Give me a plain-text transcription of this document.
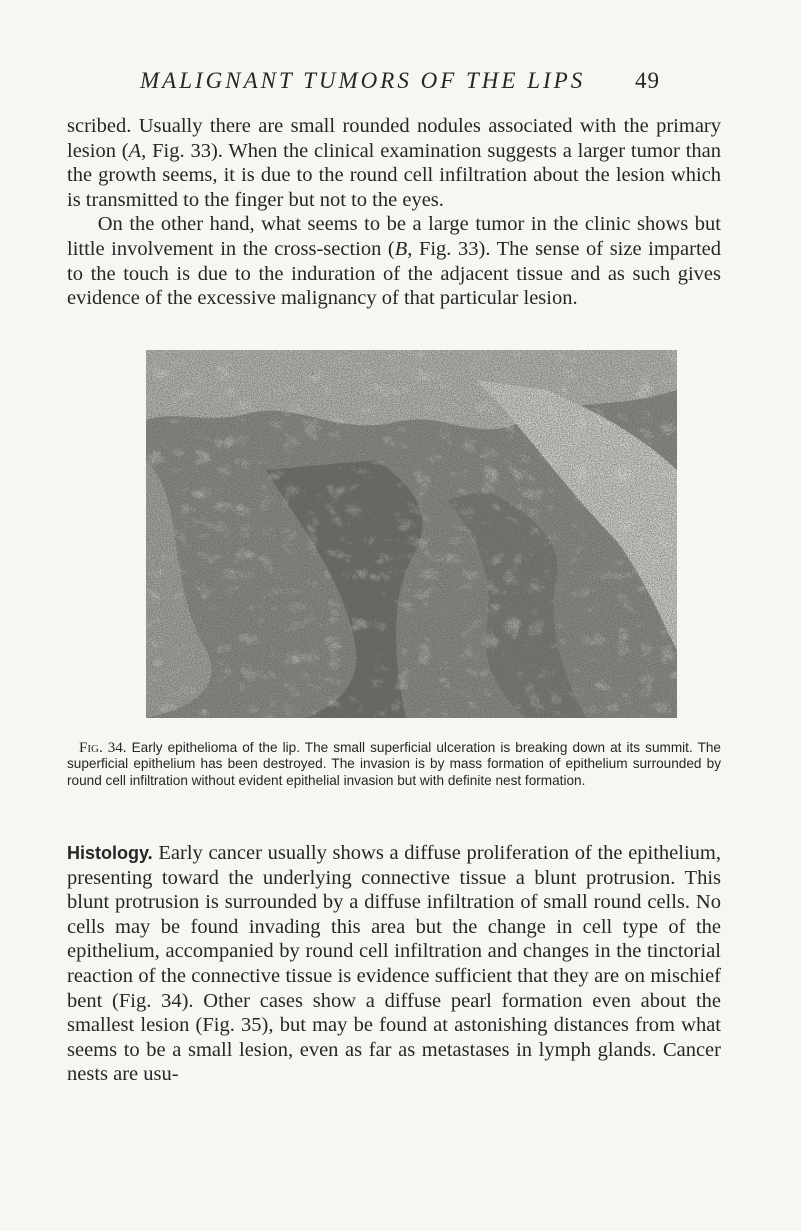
MALIGNANT TUMORS OF THE LIPS 49

scribed. Usually there are small rounded nodules associated with the primary lesion (A, Fig. 33). When the clinical examination suggests a larger tumor than the growth seems, it is due to the round cell infiltration about the lesion which is transmitted to the finger but not to the eyes.

On the other hand, what seems to be a large tumor in the clinic shows but little involvement in the cross-section (B, Fig. 33). The sense of size imparted to the touch is due to the induration of the adjacent tissue and as such gives evidence of the excessive malignancy of that particular lesion.

Fig. 34. Early epithelioma of the lip. The small superficial ulceration is breaking down at its summit. The superficial epithelium has been destroyed. The invasion is by mass formation of epithelium surrounded by round cell infiltration without evident epithelial invasion but with definite nest formation.

Histology. Early cancer usually shows a diffuse proliferation of the epithelium, presenting toward the underlying connective tissue a blunt protrusion. This blunt protrusion is surrounded by a diffuse infiltration of small round cells. No cells may be found invading this area but the change in cell type of the epithelium, accompanied by round cell infiltration and changes in the tinctorial reaction of the connective tissue is evidence sufficient that they are on mischief bent (Fig. 34). Other cases show a diffuse pearl formation even about the smallest lesion (Fig. 35), but may be found at astonishing distances from what seems to be a small lesion, even as far as metastases in lymph glands. Cancer nests are usu-
